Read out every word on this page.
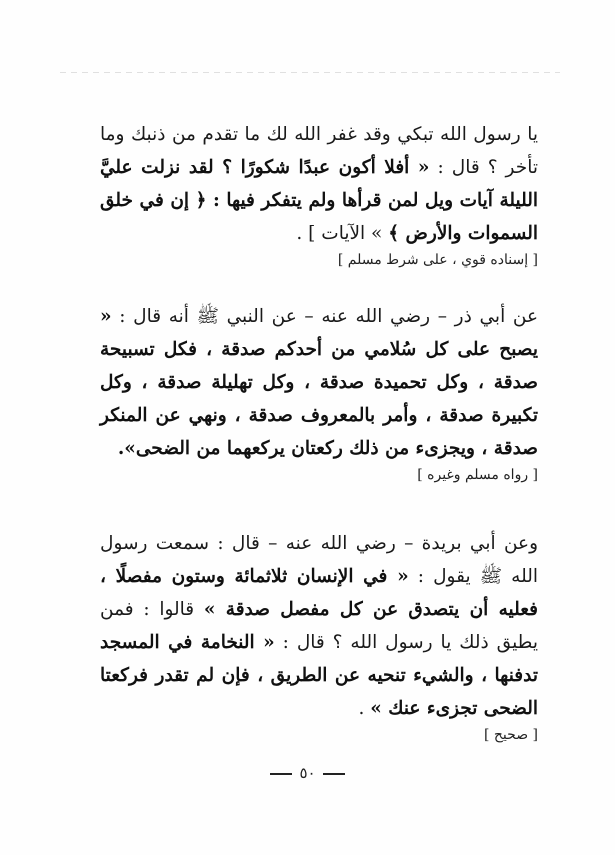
يا رسول الله تبكي وقد غفر الله لك ما تقدم من ذنبك وما تأخر ؟ قال : « أفلا أكون عبدًا شكورًا ؟ لقد نزلت عليَّ الليلة آيات ويل لمن قرأها ولم يتفكر فيها : ﴿ إن في خلق السموات والأرض ﴾ » الآيات ] .

[ إسناده قوي ، على شرط مسلم ]

عن أبي ذر – رضي الله عنه – عن النبي ﷺ أنه قال : « يصبح على كل سُلامي من أحدكم صدقة ، فكل تسبيحة صدقة ، وكل تحميدة صدقة ، وكل تهليلة صدقة ، وكل تكبيرة صدقة ، وأمر بالمعروف صدقة ، ونهي عن المنكر صدقة ، ويجزىء من ذلك ركعتان يركعهما من الضحى».

[ رواه مسلم وغيره ]

وعن أبي بريدة – رضي الله عنه – قال : سمعت رسول الله ﷺ يقول : « في الإنسان ثلاثمائة وستون مفصلًا ، فعليه أن يتصدق عن كل مفصل صدقة » قالوا : فمن يطيق ذلك يا رسول الله ؟ قال : « النخامة في المسجد تدفنها ، والشيء تنحيه عن الطريق ، فإن لم تقدر فركعتا الضحى تجزىء عنك » .

[ صحيح ]
٥٠
